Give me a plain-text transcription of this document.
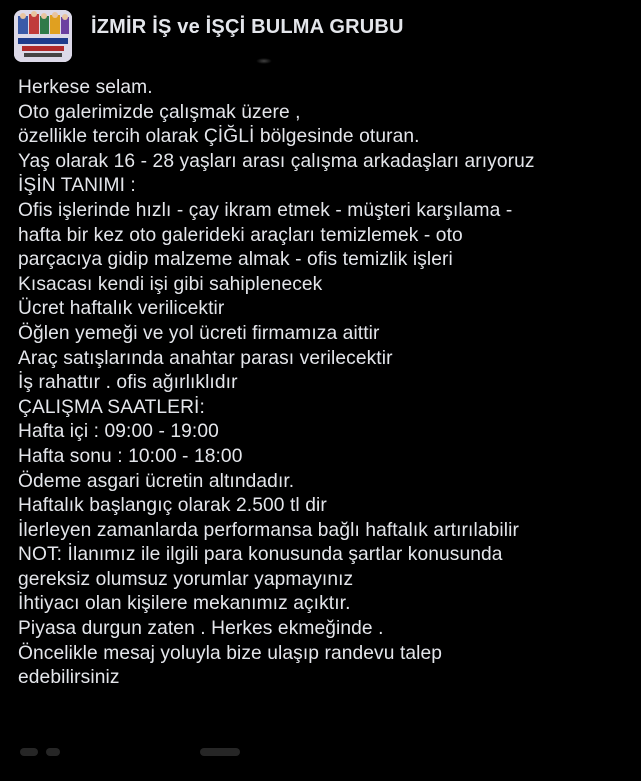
İZMİR İŞ ve İŞÇİ BULMA GRUBU
Herkese selam.
Oto galerimizde çalışmak üzere ,
özellikle tercih olarak ÇİĞLİ bölgesinde oturan.
Yaş olarak 16 - 28 yaşları arası çalışma arkadaşları arıyoruz
İŞİN TANIMI :
Ofis işlerinde hızlı - çay ikram etmek - müşteri karşılama -
hafta bir kez oto galerideki araçları temizlemek - oto
parçacıya gidip malzeme almak - ofis temizlik işleri
Kısacası kendi işi gibi sahiplenecek
Ücret haftalık verilicektir
Öğlen yemeği ve yol ücreti firmamıza aittir
Araç satışlarında anahtar parası verilecektir
İş rahattır . ofis ağırlıklıdır
ÇALIŞMA SAATLERİ:
Hafta içi : 09:00 - 19:00
Hafta sonu : 10:00 - 18:00
Ödeme asgari ücretin altındadır.
Haftalık başlangıç olarak 2.500 tl dir
İlerleyen zamanlarda performansa bağlı haftalık artırılabilir
NOT: İlanımız ile ilgili para konusunda şartlar konusunda
gereksiz olumsuz yorumlar yapmayınız
İhtiyacı olan kişilere mekanımız açıktır.
Piyasa durgun zaten . Herkes ekmeğinde .
Öncelikle mesaj yoluyla bize ulaşıp randevu talep
edebilirsiniz
